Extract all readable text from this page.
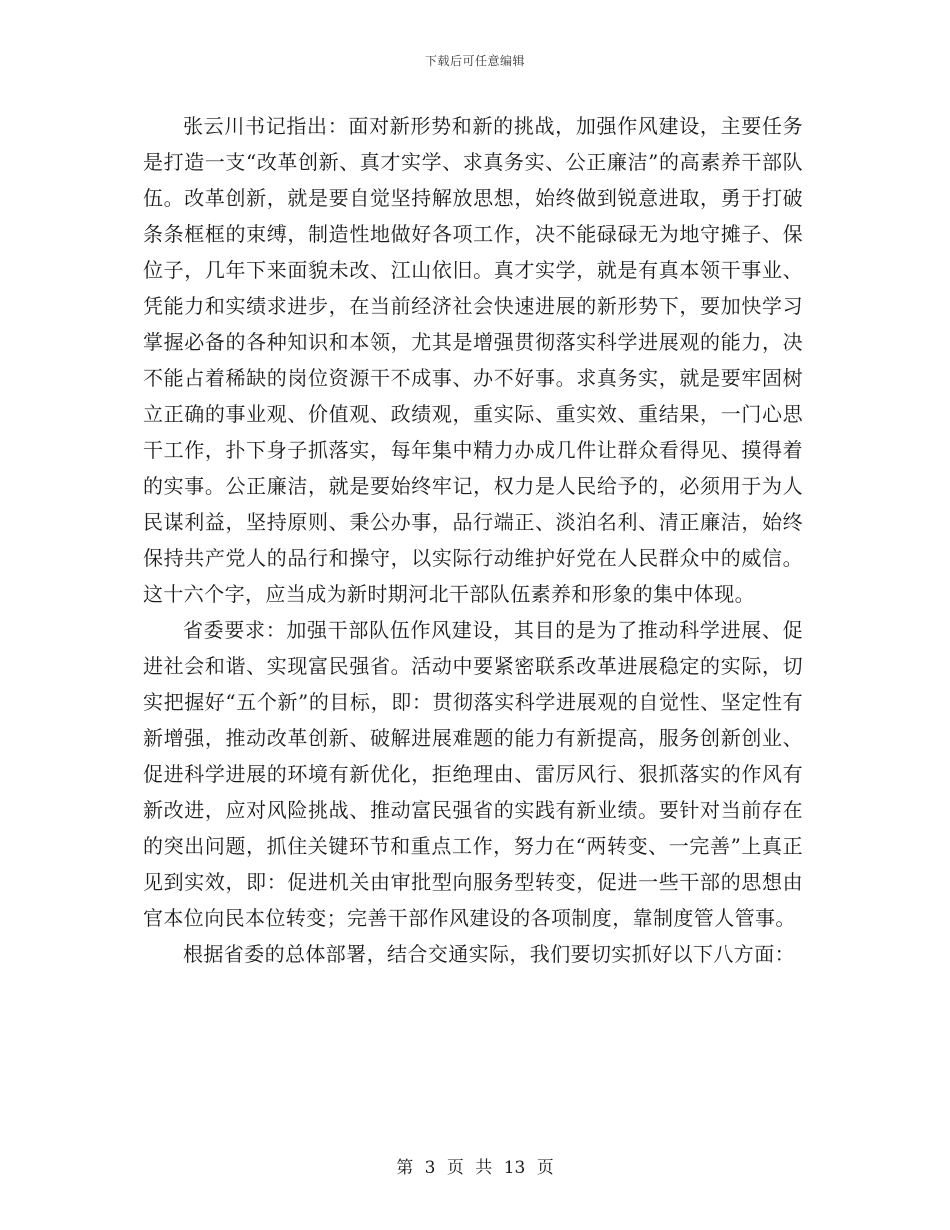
下载后可任意编辑

张云川书记指出：面对新形势和新的挑战，加强作风建设，主要任务是打造一支“改革创新、真才实学、求真务实、公正廉洁”的高素养干部队伍。改革创新，就是要自觉坚持解放思想，始终做到锐意进取，勇于打破条条框框的束缚，制造性地做好各项工作，决不能碌碌无为地守摊子、保位子，几年下来面貌未改、江山依旧。真才实学，就是有真本领干事业、凭能力和实绩求进步，在当前经济社会快速进展的新形势下，要加快学习掌握必备的各种知识和本领，尤其是增强贯彻落实科学进展观的能力，决不能占着稀缺的岗位资源干不成事、办不好事。求真务实，就是要牢固树立正确的事业观、价值观、政绩观，重实际、重实效、重结果，一门心思干工作，扑下身子抓落实，每年集中精力办成几件让群众看得见、摸得着的实事。公正廉洁，就是要始终牢记，权力是人民给予的，必须用于为人民谋利益，坚持原则、秉公办事，品行端正、淡泊名利、清正廉洁，始终保持共产党人的品行和操守，以实际行动维护好党在人民群众中的威信。这十六个字，应当成为新时期河北干部队伍素养和形象的集中体现。

省委要求：加强干部队伍作风建设，其目的是为了推动科学进展、促进社会和谐、实现富民强省。活动中要紧密联系改革进展稳定的实际，切实把握好“五个新”的目标，即：贯彻落实科学进展观的自觉性、坚定性有新增强，推动改革创新、破解进展难题的能力有新提高，服务创新创业、促进科学进展的环境有新优化，拒绝理由、雷厉风行、狠抓落实的作风有新改进，应对风险挑战、推动富民强省的实践有新业绩。要针对当前存在的突出问题，抓住关键环节和重点工作，努力在“两转变、一完善”上真正见到实效，即：促进机关由审批型向服务型转变，促进一些干部的思想由官本位向民本位转变；完善干部作风建设的各项制度，靠制度管人管事。

根据省委的总体部署，结合交通实际，我们要切实抓好以下八方面：

第 3 页 共 13 页
